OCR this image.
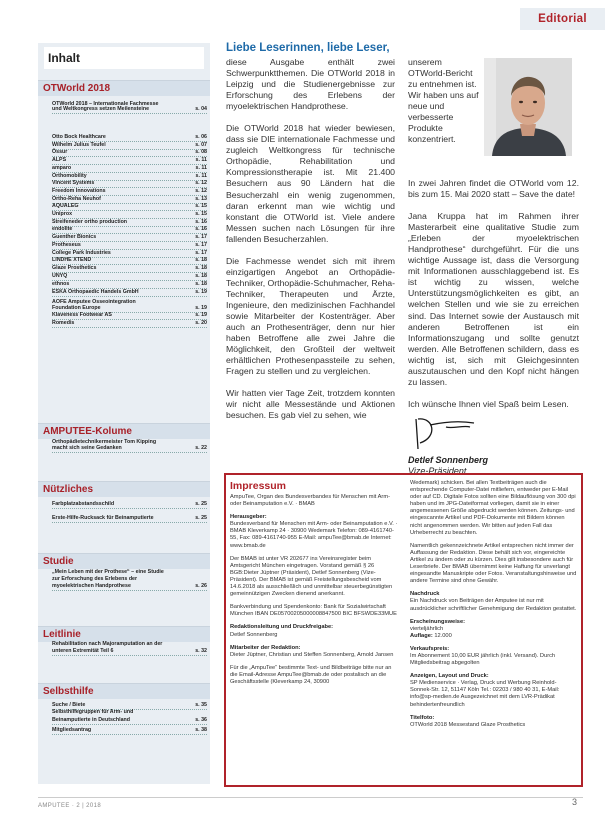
Editorial
Inhalt
OTWorld 2018
OTWorld 2018 – Internationale Fachmesse
und Weltkongress setzen Meilensteine	s. 04
Otto Bock Healthcare	s. 06
Wilhelm Julius Teufel	s. 07
Össur	s. 08
ALPS	s. 11
amparo	s. 11
Orthomobility	s. 11
Vincent Systems	s. 12
Freedom Innovations	s. 12
Ortho-Reha Neuhof	s. 13
AQUALEG	s. 15
Uniprox	s. 15
Streifeneder ortho production	s. 16
endolite	s. 16
Guenther Bionics	s. 17
Protheseus	s. 17
College Park Industries	s. 17
LINDHE XTEND	s. 18
Glaze Prosthetics	s. 18
UNYQ	s. 18
ethnos	s. 18
ESKA Orthopaedic Handels GmbH	s. 19
AOFE Amputee Osseointegration
Foundation Europe	s. 19
Klaveness Footwear AS	s. 19
Romedis	s. 20
AMPUTEE-Kolume
Orthopädietechnikermeister Tom Kipping
macht sich seine Gedanken	s. 22
Nützliches
Farbplatzabstandsschild	s. 25
Erste-Hilfe-Rucksack für Beinamputierte	s. 25
Studie
„Mein Leben mit der Prothese“ – eine Studie
zur Erforschung des Erlebens der
myoelektrischen Handprothese	s. 26
Leitlinie
Rehabilitation nach Majoramputation an der
unteren Extremität Teil 6	s. 32
Selbsthilfe
Suche / Biete	s. 35
Selbsthilfegruppen für Arm- und
Beinamputierte in Deutschland	s. 36
Mitgliedsantrag	s. 38
Liebe Leserinnen, liebe Leser,

diese Ausgabe enthält zwei Schwerpunktthemen. Die OTWorld 2018 in Leipzig und die Studienergebnisse zur Erforschung des Erlebens der myoelektrischen Handprothese.

Die OTWorld 2018 hat wieder bewiesen, dass sie DIE internationale Fachmesse und zugleich Weltkongress für technische Orthopädie, Rehabilitation und Kompressionstherapie ist. Mit 21.400 Besuchern aus 90 Ländern hat die Besucherzahl ein wenig zugenommen, daran erkennt man wie wichtig und konstant die OTWorld ist. Viele andere Messen suchen nach Lösungen für ihre fallenden Besucherzahlen.

Die Fachmesse wendet sich mit ihrem einzigartigen Angebot an Orthopädie-Techniker, Orthopädie-Schuhmacher, Reha-Techniker, Therapeuten und Ärzte, Ingenieure, den medizinischen Fachhandel sowie Mitarbeiter der Kostenträger. Aber auch an Prothesenträger, denn nur hier haben Betroffene alle zwei Jahre die Möglichkeit, den Großteil der weltweit erhältlichen Prothesenpassteile zu sehen, Fragen zu stellen und zu vergleichen.

Wir hatten vier Tage Zeit, trotzdem konnten wir nicht alle Messestände und Aktionen besuchen. Es gab viel zu sehen, wie

unserem OTWorld-Bericht zu entnehmen ist. Wir haben uns auf neue und verbesserte Produkte konzentriert.

In zwei Jahren findet die OTWorld vom 12. bis zum 15. Mai 2020 statt – Save the date!

Jana Kruppa hat im Rahmen ihrer Masterarbeit eine qualitative Studie zum „Erleben der myoelektrischen Handprothese“ durchgeführt. Für die uns wichtige Aussage ist, dass die Versorgung mit Informationen ausschlaggebend ist. Es ist wichtig zu wissen, welche Unterstützungsmöglichkeiten es gibt, an welchen Stellen und wie sie zu erreichen sind. Das Internet sowie der Austausch mit anderen Betroffenen ist ein Informationszugang und sollte genutzt werden. Alle Betroffenen schildern, dass es wichtig ist, sich mit Gleichgesinnten auszutauschen und den Kopf nicht hängen zu lassen.

Ich wünsche Ihnen viel Spaß beim Lesen.

Detlef Sonnenberg
Vize-Präsident
Impressum
AmpuTee, Organ des Bundesverbandes für Menschen mit Arm- oder Beinamputation e.V. · BMAB
Herausgeber:
Bundesverband für Menschen mit Arm- oder Beinamputation e.V. · BMAB Kleverkamp 24 · 30900 Wedemark Telefon: 089-4161740-55, Fax: 089-4161740-955 E-Mail: ampuTee@bmab.de Internet: www.bmab.de
Der BMAB ist unter VR 202677 ins Vereinsregister beim Amtsgericht München eingetragen. Vorstand gemäß § 26 BGB:Dieter Jüptner (Präsident), Detlef Sonnenberg (Vize-Präsident). Der BMAB ist gemäß Freistellungsbescheid vom 14.6.2018 als ausschließlich und unmittelbar steuerbegünstigten gemeinnützigen Zwecken dienend anerkannt.
Bankverbindung und Spendenkonto: Bank für Sozialwirtschaft München IBAN DE05700205000008847500 BIC BFSWDE33MUE
Redaktionsleitung und Druckfreigabe:
Detlef Sonnenberg
Mitarbeiter der Redaktion:
Dieter Jüptner, Christian und Steffen Sonnenberg, Arnold Jansen
Für die „AmpuTee“ bestimmte Text- und Bildbeiträge bitte nur an die Email-Adresse AmpuTee@bmab.de oder postalisch an die Geschäftsstelle (Kleverkamp 24, 30900
Wedemark) schicken. Bei allen Textbeiträgen auch die entsprechende Computer-Datei mitliefern, entweder per E-Mail oder auf CD. Digitale Fotos sollten eine Bildauflösung von 300 dpi haben und im JPG-Dateiformat vorliegen, damit sie in einer angemessenen Größe abgedruckt werden können. Zeitungs- und eingescannte Artikel und PDF-Dokumente mit Bildern können nicht angenommen werden. Wir bitten auf jeden Fall das Urheberrecht zu beachten.
Namentlich gekennzeichnete Artikel entsprechen nicht immer der Auffassung der Redaktion. Diese behält sich vor, eingereichte Artikel zu ändern oder zu kürzen. Dies gilt insbesondere auch für Leserbriefe. Der BMAB übernimmt keine Haftung für unverlangt eingesandte Manuskripte oder Fotos. Veranstaltungshinweise und andere Termine sind ohne Gewähr.
Nachdruck
Ein Nachdruck von Beiträgen der Amputee ist nur mit ausdrücklicher schriftlicher Genehmigung der Redaktion gestattet.
Erscheinungsweise:
vierteljährlich
Auflage: 12.000
Verkaufspreis:
Im Abonnement 10,00 EUR jährlich (inkl. Versand). Durch Mitgliedsbeitrag abgegolten
Anzeigen, Layout und Druck:
SP Medienservice · Verlag, Druck und Werbung Reinhold-Sonnek-Str. 12, 51147 Köln Tel.: 02203 / 980 40 31, E-Mail: info@sp-medien.de Ausgezeichnet mit dem LVR-Prädikat behindertenfreundlich
Titelfoto:
OTWorld 2018 Messestand Glaze Prosthetics
AMPUTEE · 2 | 2018	3
